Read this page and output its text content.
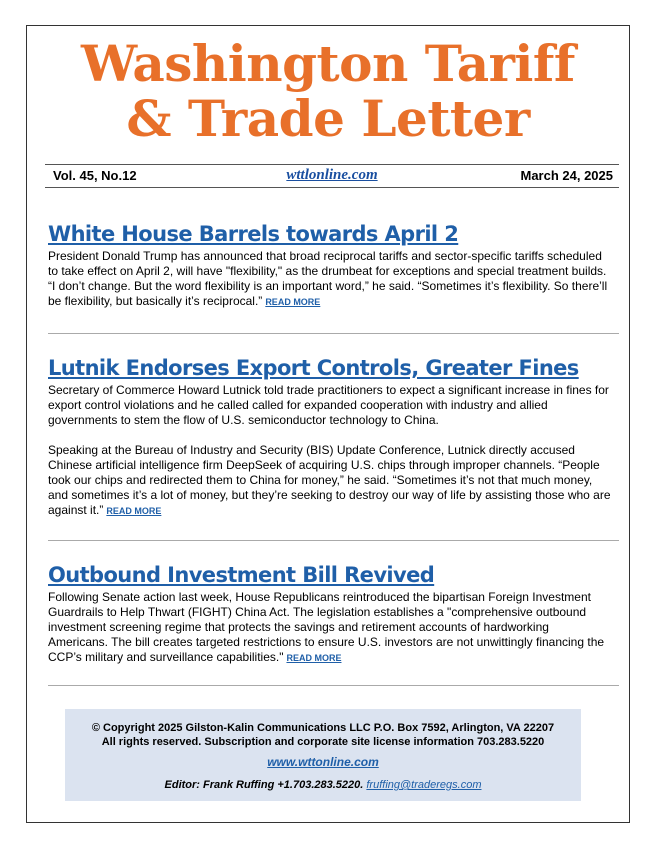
Washington Tariff
& Trade Letter
Vol. 45, No.12	wttlonline.com	March 24, 2025
White House Barrels towards April 2

President Donald Trump has announced that broad reciprocal tariffs and sector-specific tariffs scheduled to take effect on April 2, will have "flexibility," as the drumbeat for exceptions and special treatment builds. “I don’t change. But the word flexibility is an important word,” he said. “Sometimes it’s flexibility. So there’ll be flexibility, but basically it’s reciprocal.” READ MORE

Lutnik Endorses Export Controls, Greater Fines

Secretary of Commerce Howard Lutnick told trade practitioners to expect a significant increase in fines for export control violations and he called called for expanded cooperation with industry and allied governments to stem the flow of U.S. semiconductor technology to China.

Speaking at the Bureau of Industry and Security (BIS) Update Conference, Lutnick directly accused Chinese artificial intelligence firm DeepSeek of acquiring U.S. chips through improper channels. “People took our chips and redirected them to China for money,” he said. “Sometimes it’s not that much money, and sometimes it’s a lot of money, but they’re seeking to destroy our way of life by assisting those who are against it.” READ MORE

Outbound Investment Bill Revived

Following Senate action last week, House Republicans reintroduced the bipartisan Foreign Investment Guardrails to Help Thwart (FIGHT) China Act. The legislation establishes a "comprehensive outbound investment screening regime that protects the savings and retirement accounts of hardworking Americans. The bill creates targeted restrictions to ensure U.S. investors are not unwittingly financing the CCP’s military and surveillance capabilities." READ MORE

© Copyright 2025 Gilston-Kalin Communications LLC P.O. Box 7592, Arlington, VA 22207
All rights reserved. Subscription and corporate site license information 703.283.5220
www.wttonline.com
Editor: Frank Ruffing +1.703.283.5220. fruffing@traderegs.com
